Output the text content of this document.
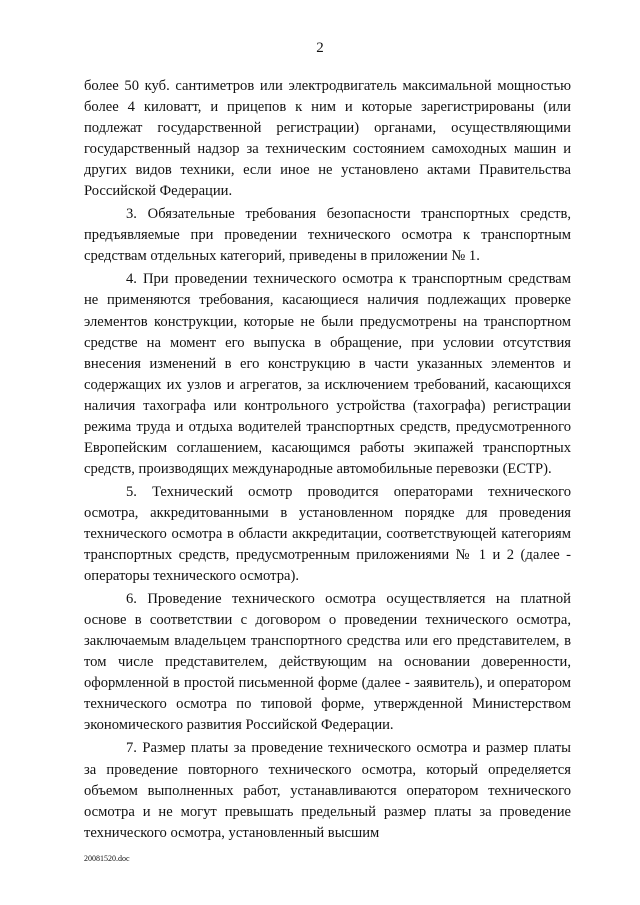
2

более 50 куб. сантиметров или электродвигатель максимальной мощностью более 4 киловатт, и прицепов к ним и которые зарегистрированы (или подлежат государственной регистрации) органами, осуществляющими государственный надзор за техническим состоянием самоходных машин и других видов техники, если иное не установлено актами Правительства Российской Федерации.

3. Обязательные требования безопасности транспортных средств, предъявляемые при проведении технического осмотра к транспортным средствам отдельных категорий, приведены в приложении № 1.

4. При проведении технического осмотра к транспортным средствам не применяются требования, касающиеся наличия подлежащих проверке элементов конструкции, которые не были предусмотрены на транспортном средстве на момент его выпуска в обращение, при условии отсутствия внесения изменений в его конструкцию в части указанных элементов и содержащих их узлов и агрегатов, за исключением требований, касающихся наличия тахографа или контрольного устройства (тахографа) регистрации режима труда и отдыха водителей транспортных средств, предусмотренного Европейским соглашением, касающимся работы экипажей транспортных средств, производящих международные автомобильные перевозки (ЕСТР).

5. Технический осмотр проводится операторами технического осмотра, аккредитованными в установленном порядке для проведения технического осмотра в области аккредитации, соответствующей категориям транспортных средств, предусмотренным приложениями № 1 и 2 (далее - операторы технического осмотра).

6. Проведение технического осмотра осуществляется на платной основе в соответствии с договором о проведении технического осмотра, заключаемым владельцем транспортного средства или его представителем, в том числе представителем, действующим на основании доверенности, оформленной в простой письменной форме (далее - заявитель), и оператором технического осмотра по типовой форме, утвержденной Министерством экономического развития Российской Федерации.

7. Размер платы за проведение технического осмотра и размер платы за проведение повторного технического осмотра, который определяется объемом выполненных работ, устанавливаются оператором технического осмотра и не могут превышать предельный размер платы за проведение технического осмотра, установленный высшим

20081520.doc
